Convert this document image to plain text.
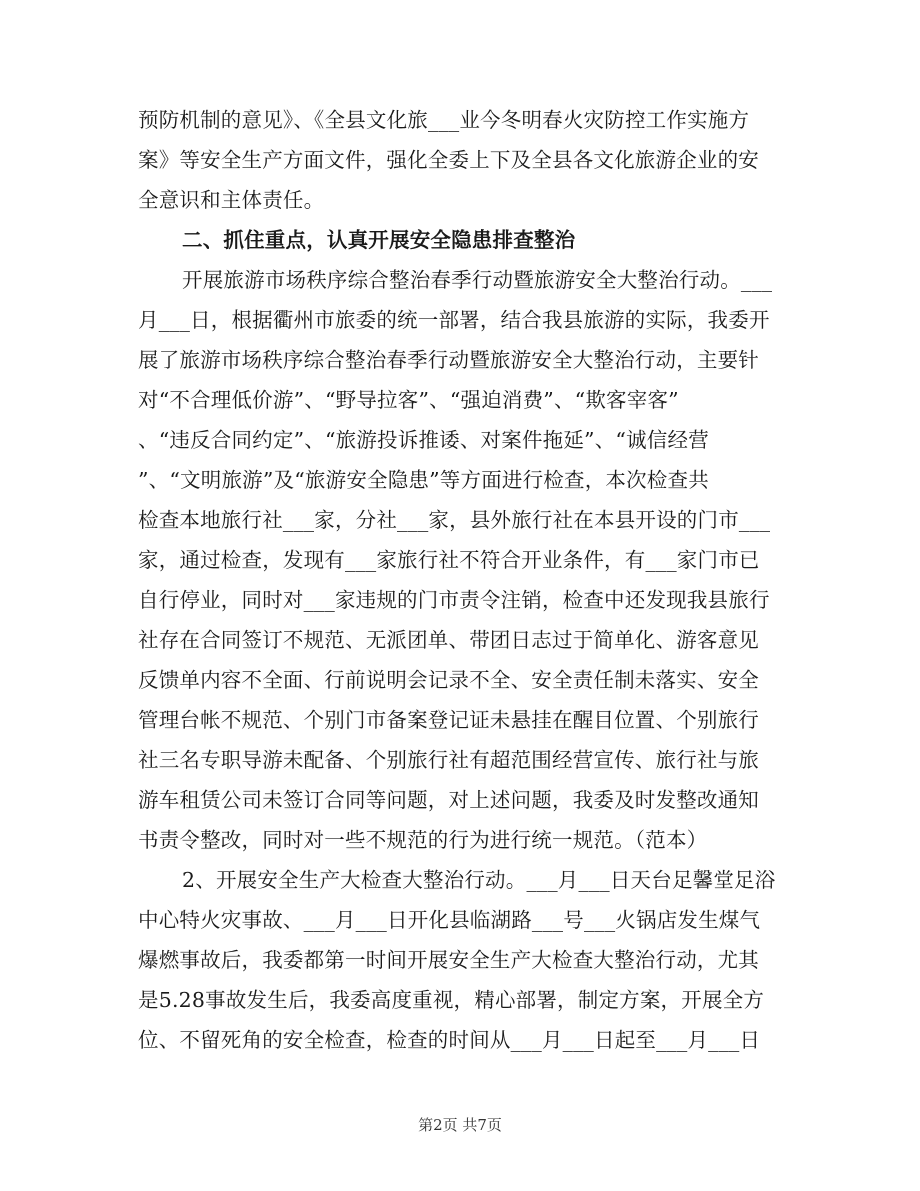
预防机制的意见》、《全县文化旅___业今冬明春火灾防控工作实施方
案》等安全生产方面文件，强化全委上下及全县各文化旅游企业的安
全意识和主体责任。
二、抓住重点，认真开展安全隐患排查整治
开展旅游市场秩序综合整治春季行动暨旅游安全大整治行动。___
月___日，根据衢州市旅委的统一部署，结合我县旅游的实际，我委开
展了旅游市场秩序综合整治春季行动暨旅游安全大整治行动，主要针
对“不合理低价游”、“野导拉客”、“强迫消费”、“欺客宰客”
、“违反合同约定”、“旅游投诉推诿、对案件拖延”、“诚信经营
”、“文明旅游”及“旅游安全隐患”等方面进行检查，本次检查共
检查本地旅行社___家，分社___家，县外旅行社在本县开设的门市___
家，通过检查，发现有___家旅行社不符合开业条件，有___家门市已
自行停业，同时对___家违规的门市责令注销，检查中还发现我县旅行
社存在合同签订不规范、无派团单、带团日志过于简单化、游客意见
反馈单内容不全面、行前说明会记录不全、安全责任制未落实、安全
管理台帐不规范、个别门市备案登记证未悬挂在醒目位置、个别旅行
社三名专职导游未配备、个别旅行社有超范围经营宣传、旅行社与旅
游车租赁公司未签订合同等问题，对上述问题，我委及时发整改通知
书责令整改，同时对一些不规范的行为进行统一规范。（范本）
2、开展安全生产大检查大整治行动。___月___日天台足馨堂足浴
中心特火灾事故、___月___日开化县临湖路___号___火锅店发生煤气
爆燃事故后，我委都第一时间开展安全生产大检查大整治行动，尤其
是5.28事故发生后，我委高度重视，精心部署，制定方案，开展全方
位、不留死角的安全检查，检查的时间从___月___日起至___月___日
第2页 共7页
